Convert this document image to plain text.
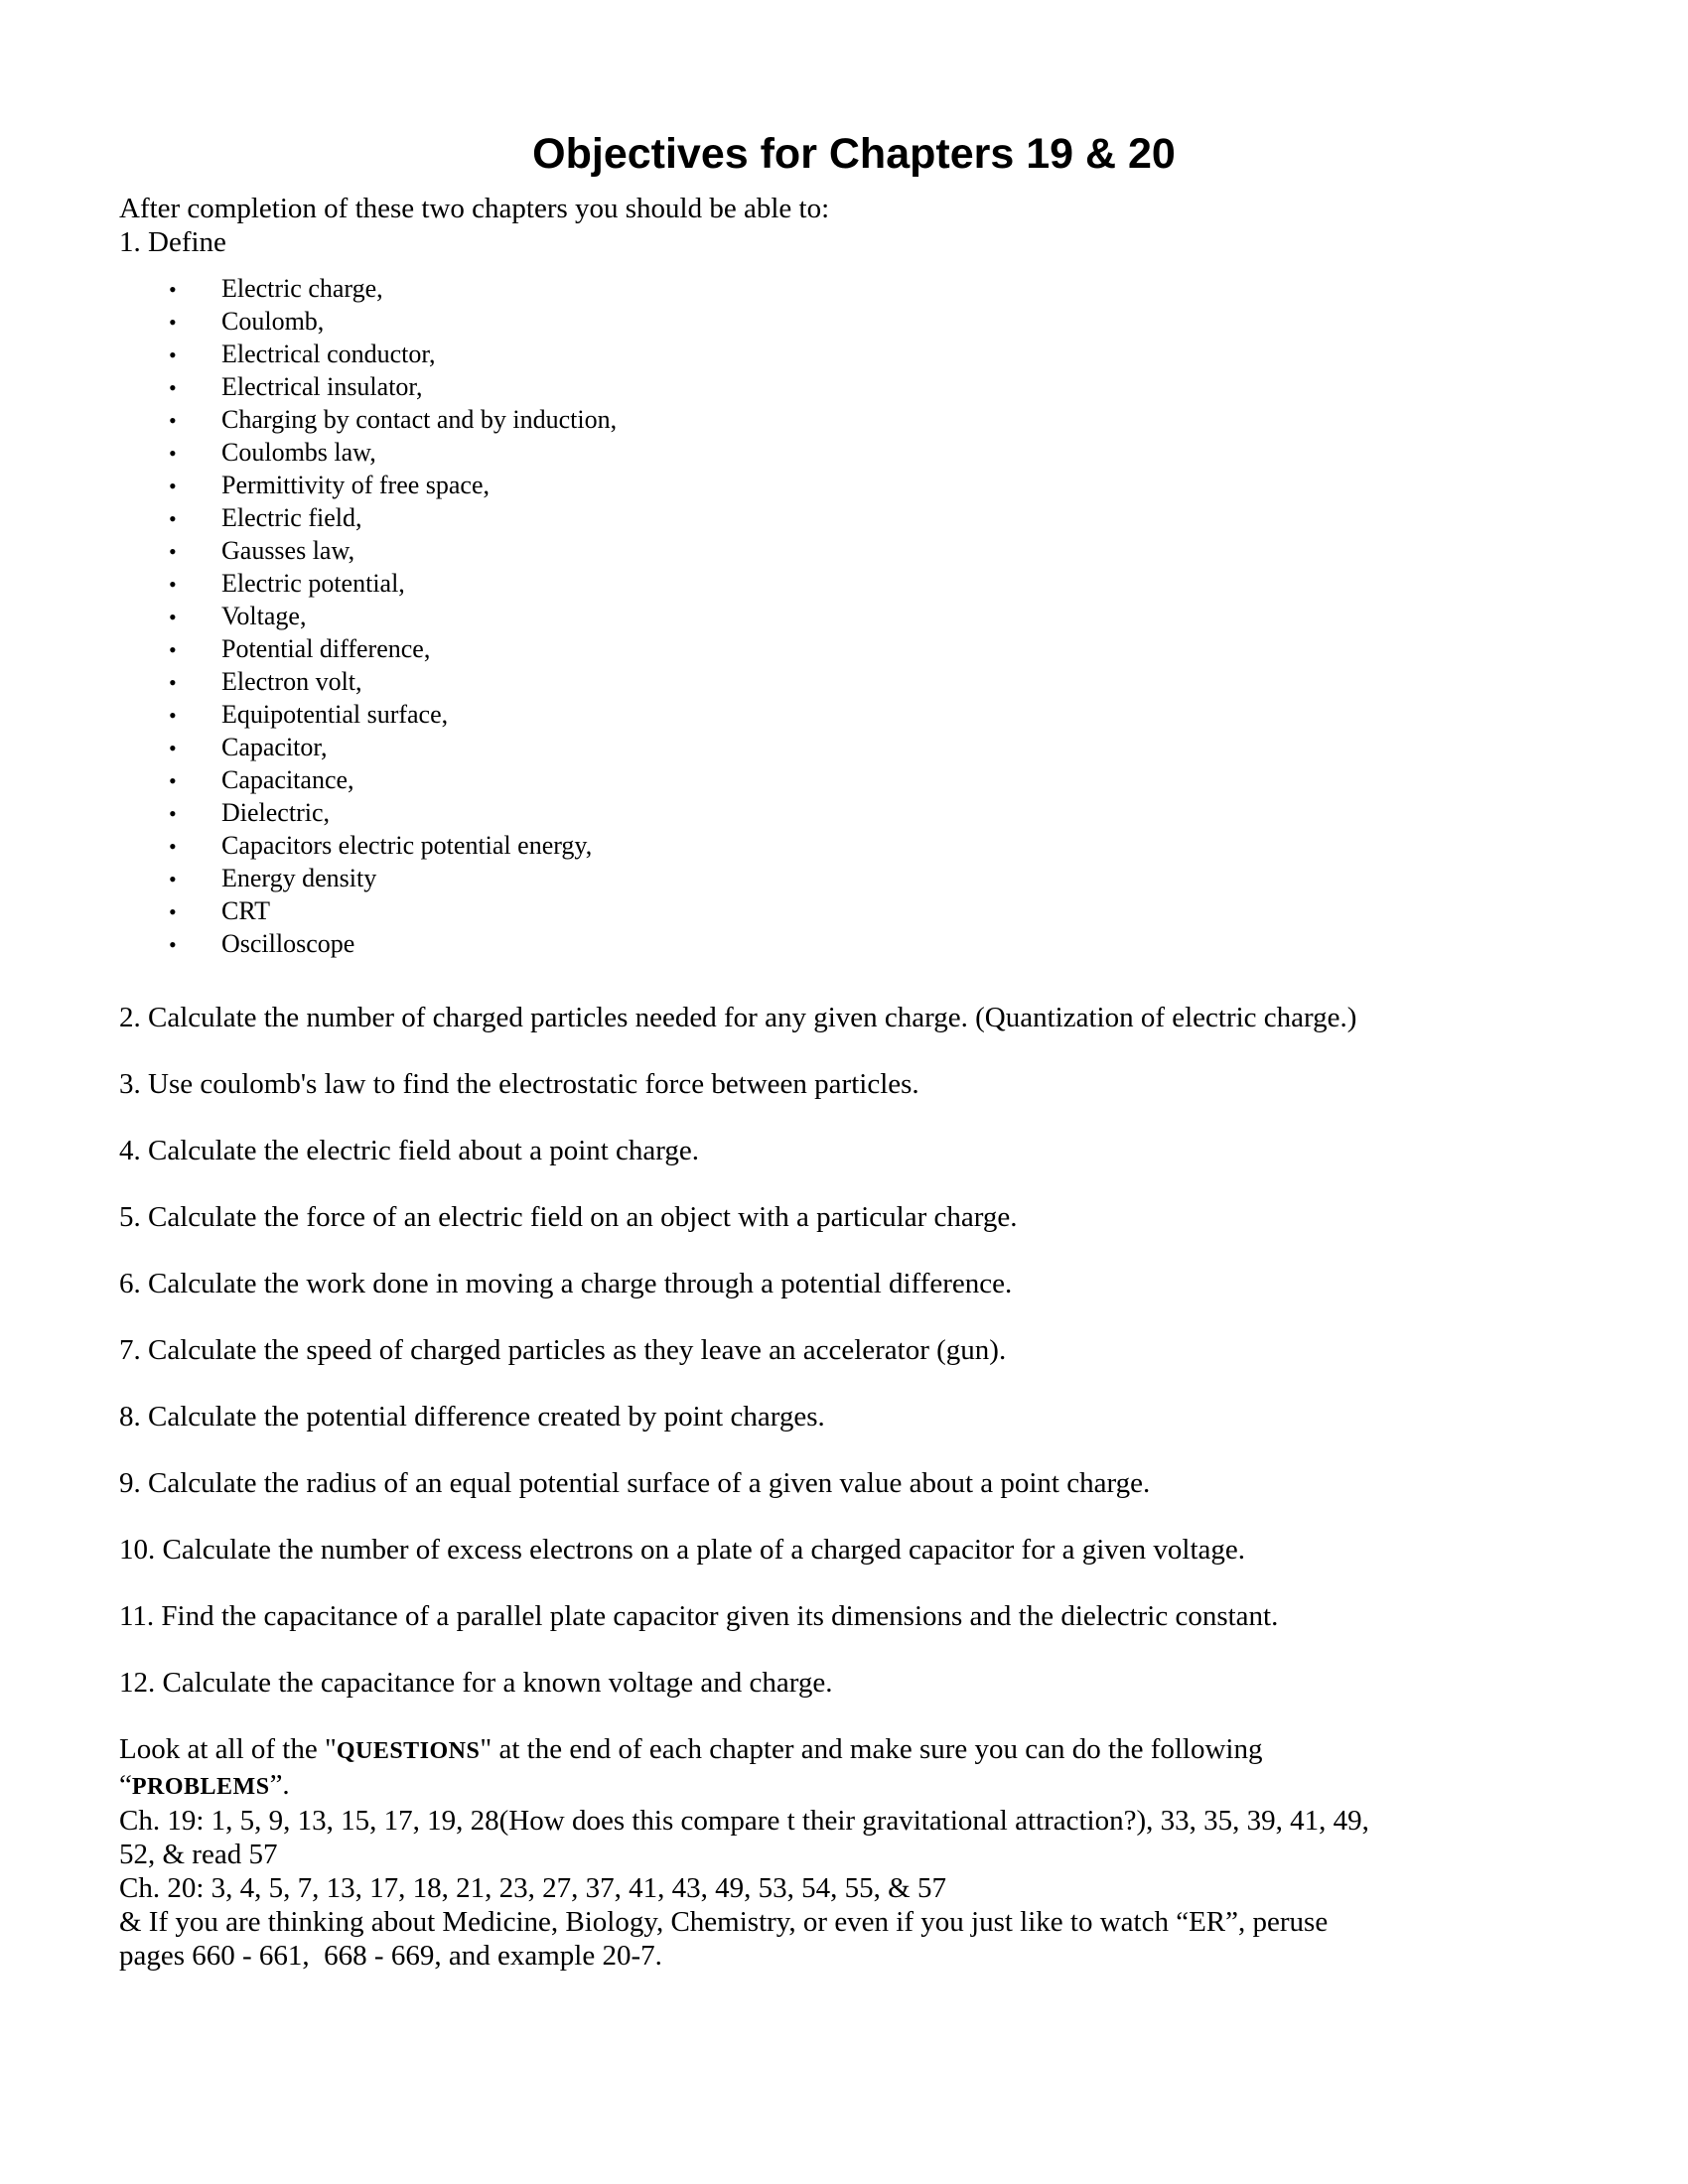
Objectives for Chapters 19 & 20

After completion of these two chapters you should be able to:

1. Define

•	Electric charge,
•	Coulomb,
•	Electrical conductor,
•	Electrical insulator,
•	Charging by contact and by induction,
•	Coulombs law,
•	Permittivity of free space,
•	Electric field,
•	Gausses law,
•	Electric potential,
•	Voltage,
•	Potential difference,
•	Electron volt,
•	Equipotential surface,
•	Capacitor,
•	Capacitance,
•	Dielectric,
•	Capacitors electric potential energy,
•	Energy density
•	CRT
•	Oscilloscope

2. Calculate the number of charged particles needed for any given charge. (Quantization of electric charge.)

3. Use coulomb's law to find the electrostatic force between particles.

4. Calculate the electric field about a point charge.

5. Calculate the force of an electric field on an object with a particular charge.

6. Calculate the work done in moving a charge through a potential difference.

7. Calculate the speed of charged particles as they leave an accelerator (gun).

8. Calculate the potential difference created by point charges.

9. Calculate the radius of an equal potential surface of a given value about a point charge.

10. Calculate the number of excess electrons on a plate of a charged capacitor for a given voltage.

11. Find the capacitance of a parallel plate capacitor given its dimensions and the dielectric constant.

12. Calculate the capacitance for a known voltage and charge.

Look at all of the "QUESTIONS" at the end of each chapter and make sure you can do the following

“PROBLEMS”.

Ch. 19: 1, 5, 9, 13, 15, 17, 19, 28(How does this compare t their gravitational attraction?), 33, 35, 39, 41, 49,

52, & read 57

Ch. 20: 3, 4, 5, 7, 13, 17, 18, 21, 23, 27, 37, 41, 43, 49, 53, 54, 55, & 57

& If you are thinking about Medicine, Biology, Chemistry, or even if you just like to watch “ER”, peruse

pages 660 - 661,  668 - 669, and example 20-7.
